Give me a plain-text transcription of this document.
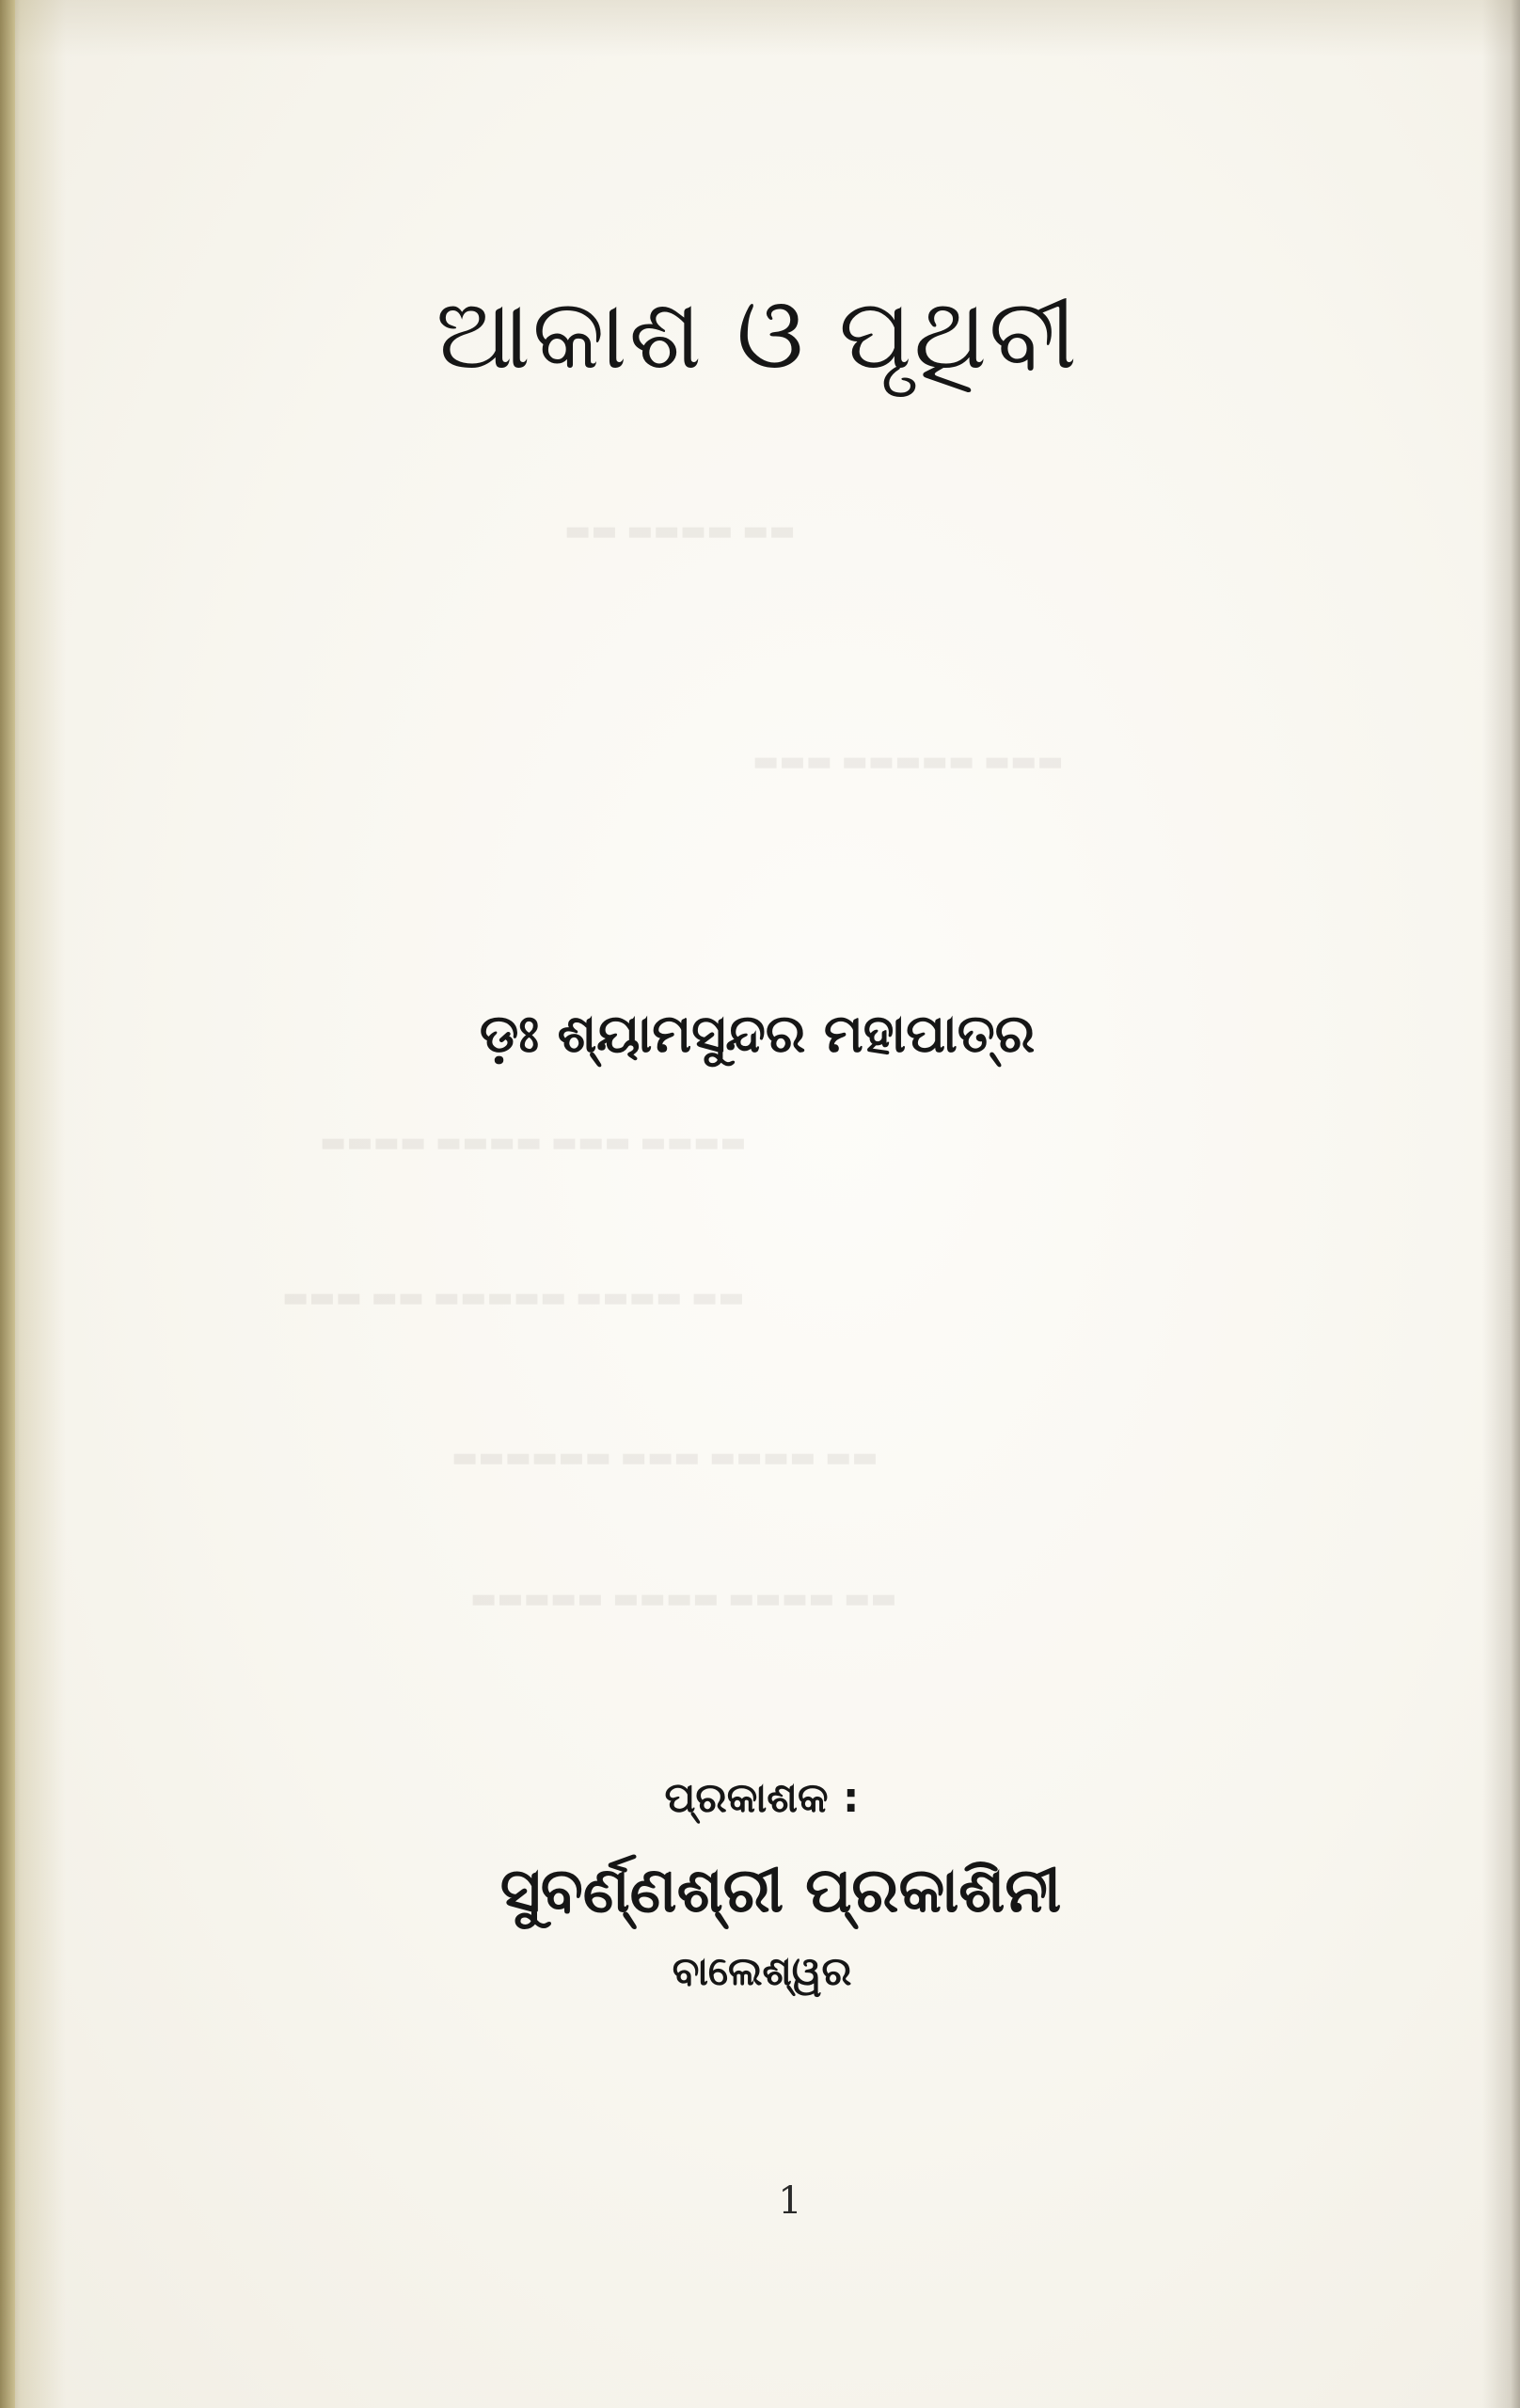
▬▬ ▬▬▬▬ ▬▬
▬▬▬ ▬▬▬▬▬ ▬▬▬
▬▬▬▬ ▬▬▬▬ ▬▬▬ ▬▬▬▬
▬▬▬ ▬▬ ▬▬▬▬▬ ▬▬▬▬ ▬▬
▬▬▬▬▬▬ ▬▬▬ ▬▬▬▬ ▬▬
▬▬▬▬▬ ▬▬▬▬ ▬▬▬▬ ▬▬
ଆକାଶ ଓ ପୃଥିବୀ
ଡ଼ଃ ଶ୍ୟାମସୁନ୍ଦର ମହାପାତ୍ର
ପ୍ରକାଶକ :
ସୁବର୍ଣ୍ଣଶ୍ରୀ ପ୍ରକାଶିନୀ
ବାଲେଶ୍ୱର
1
